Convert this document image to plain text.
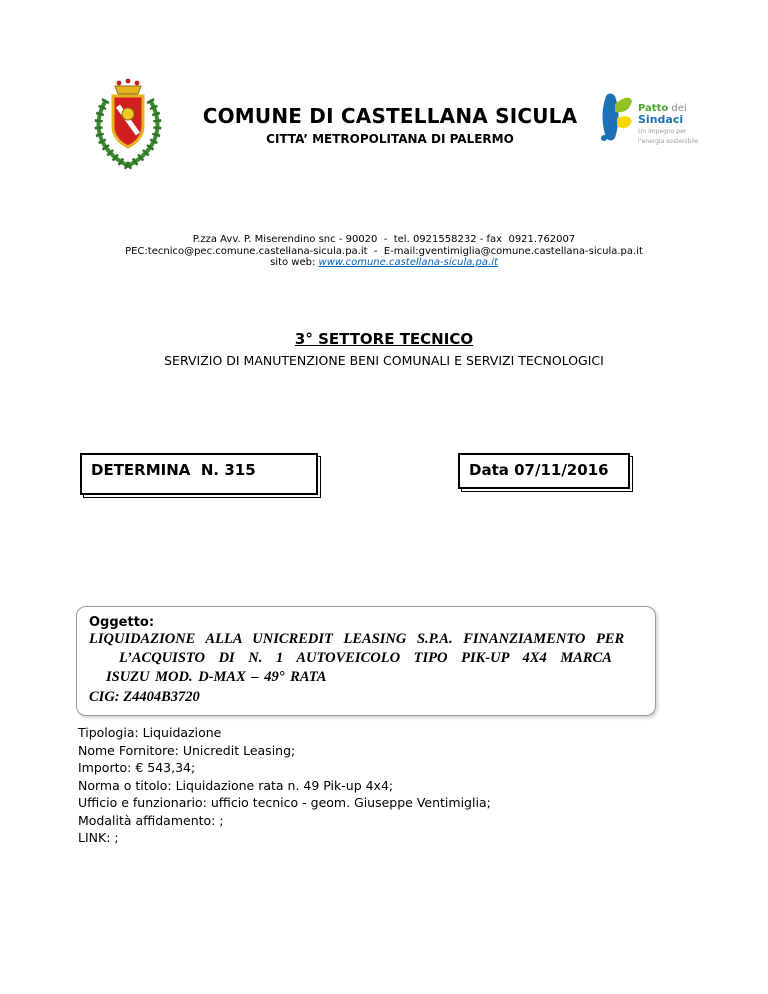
COMUNE DI CASTELLANA SICULA
CITTA’ METROPOLITANA DI PALERMO
Patto dei
Sindaci
Un impegno per
l’energia sostenibile
P.zza Avv. P. Miserendino snc - 90020  -  tel. 0921558232 - fax  0921.762007
PEC:tecnico@pec.comune.castellana-sicula.pa.it  -  E-mail:gventimiglia@comune.castellana-sicula.pa.it
sito web: www.comune.castellana-sicula.pa.it
3° SETTORE TECNICO
SERVIZIO DI MANUTENZIONE BENI COMUNALI E SERVIZI TECNOLOGICI
DETERMINA  N. 315	Data 07/11/2016
Oggetto:
LIQUIDAZIONE ALLA UNICREDIT LEASING S.P.A. FINANZIAMENTO PER
L’ACQUISTO DI N. 1 AUTOVEICOLO TIPO PIK-UP 4X4 MARCA
ISUZU MOD. D-MAX – 49° RATA
CIG: Z4404B3720
Tipologia: Liquidazione
Nome Fornitore: Unicredit Leasing;
Importo: € 543,34;
Norma o titolo: Liquidazione rata n. 49 Pik-up 4x4;
Ufficio e funzionario: ufficio tecnico - geom. Giuseppe Ventimiglia;
Modalità affidamento: ;
LINK: ;
